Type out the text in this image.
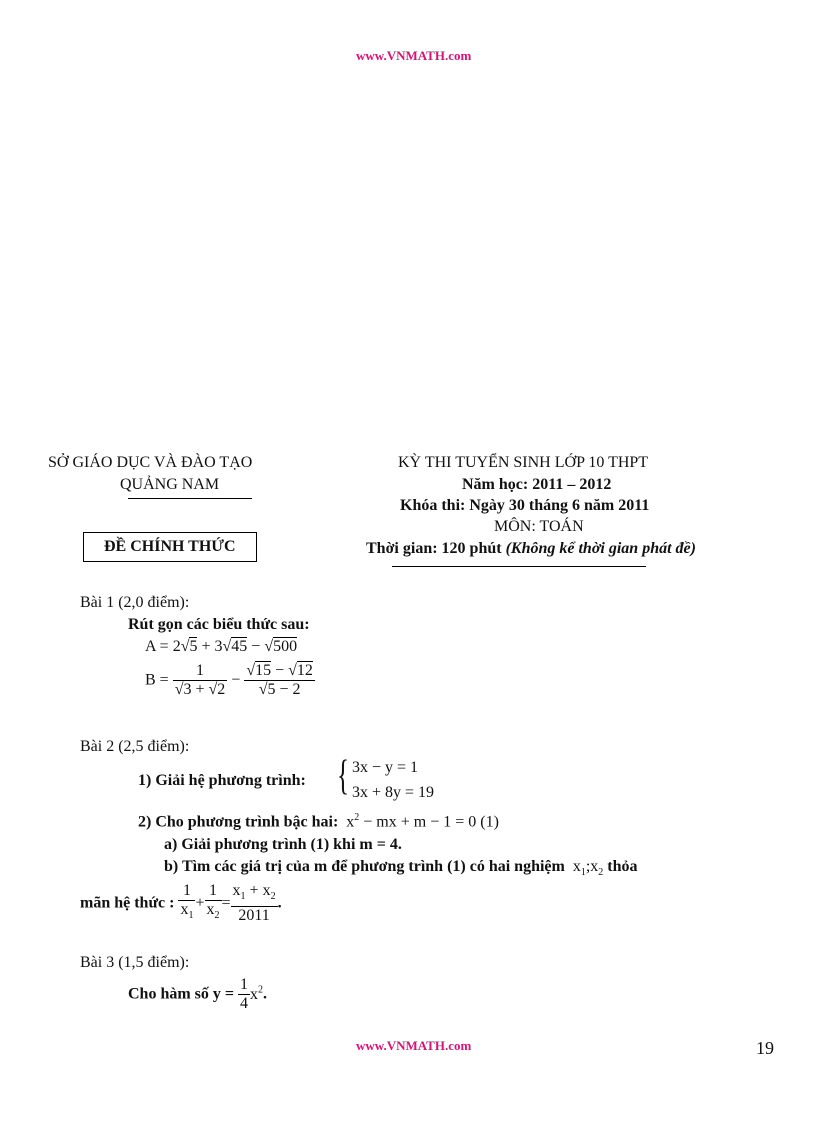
www.VNMATH.com
SỞ GIÁO DỤC VÀ ĐÀO TẠO
QUẢNG NAM
ĐỀ CHÍNH THỨC
KỲ THI TUYỂN SINH LỚP 10 THPT
Năm học: 2011 – 2012
Khóa thi: Ngày 30 tháng 6 năm 2011
MÔN: TOÁN
Thời gian: 120 phút (Không kể thời gian phát đề)
Bài 1 (2,0 điểm):
Rút gọn các biểu thức sau:
A = 2√5 + 3√45 − √500
$B = \frac{1}{√3 + √2} - \frac{√15 - √12}{√5 - 2}$
Bài 2 (2,5 điểm):
1) Giải hệ phương trình: { 3x − y = 1
3x + 8y = 19
2) Cho phương trình bậc hai:  $x^2$ − mx + m − 1 = 0 (1)
a) Giải phương trình (1) khi m = 4.
b) Tìm các giá trị của m để phương trình (1) có hai nghiệm  $x_1;x_2$ thỏa
mãn hệ thức : $\frac{1}{x_1} + \frac{1}{x_2} = \frac{x_1 + x_2}{2011}$ .
Bài 3 (1,5 điểm):
Cho hàm số $y = \frac{1}{4} x^2$.
www.VNMATH.com	19
